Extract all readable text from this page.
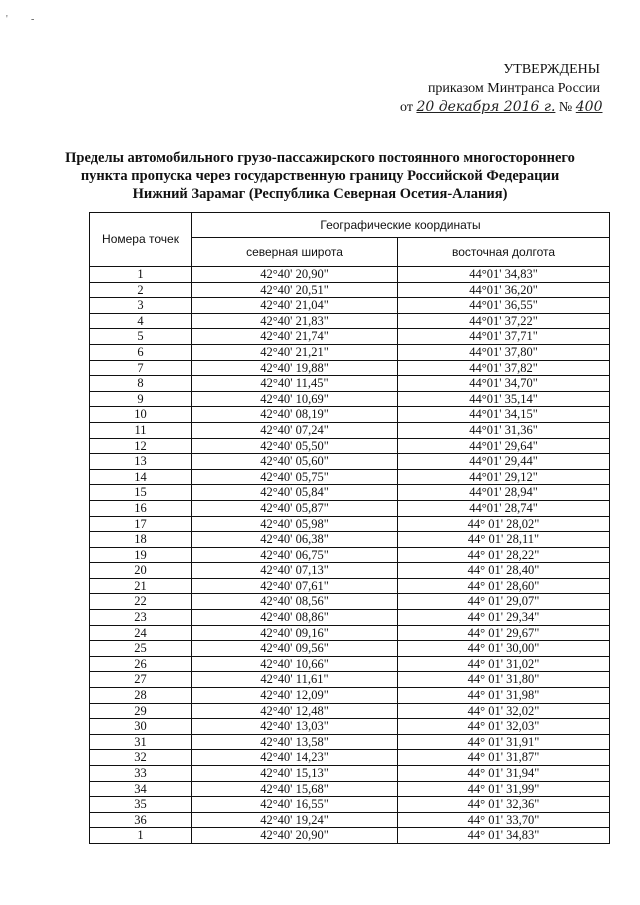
' -
УТВЕРЖДЕНЫ
приказом Минтранса России
от 20 декабря 2016 г. № 400
Пределы автомобильного грузо-пассажирского постоянного многостороннего
пункта пропуска через государственную границу Российской Федерации
Нижний Зарамаг (Республика Северная Осетия-Алания)
Номера точек	Географические координаты	
	северная широта	восточная долгота
1	42°40' 20,90"	44°01' 34,83"
2	42°40' 20,51"	44°01' 36,20"
3	42°40' 21,04"	44°01' 36,55"
4	42°40' 21,83"	44°01' 37,22"
5	42°40' 21,74"	44°01' 37,71"
6	42°40' 21,21"	44°01' 37,80"
7	42°40' 19,88"	44°01' 37,82"
8	42°40' 11,45"	44°01' 34,70"
9	42°40' 10,69"	44°01' 35,14"
10	42°40' 08,19"	44°01' 34,15"
11	42°40' 07,24"	44°01' 31,36"
12	42°40' 05,50"	44°01' 29,64"
13	42°40' 05,60"	44°01' 29,44"
14	42°40' 05,75"	44°01' 29,12"
15	42°40' 05,84"	44°01' 28,94"
16	42°40' 05,87"	44°01' 28,74"
17	42°40' 05,98"	44° 01' 28,02"
18	42°40' 06,38"	44° 01' 28,11"
19	42°40' 06,75"	44° 01' 28,22"
20	42°40' 07,13"	44° 01' 28,40"
21	42°40' 07,61"	44° 01' 28,60"
22	42°40' 08,56"	44° 01' 29,07"
23	42°40' 08,86"	44° 01' 29,34"
24	42°40' 09,16"	44° 01' 29,67"
25	42°40' 09,56"	44° 01' 30,00"
26	42°40' 10,66"	44° 01' 31,02"
27	42°40' 11,61"	44° 01' 31,80"
28	42°40' 12,09"	44° 01' 31,98"
29	42°40' 12,48"	44° 01' 32,02"
30	42°40' 13,03"	44° 01' 32,03"
31	42°40' 13,58"	44° 01' 31,91"
32	42°40' 14,23"	44° 01' 31,87"
33	42°40' 15,13"	44° 01' 31,94"
34	42°40' 15,68"	44° 01' 31,99"
35	42°40' 16,55"	44° 01' 32,36"
36	42°40' 19,24"	44° 01' 33,70"
1	42°40' 20,90"	44° 01' 34,83"
